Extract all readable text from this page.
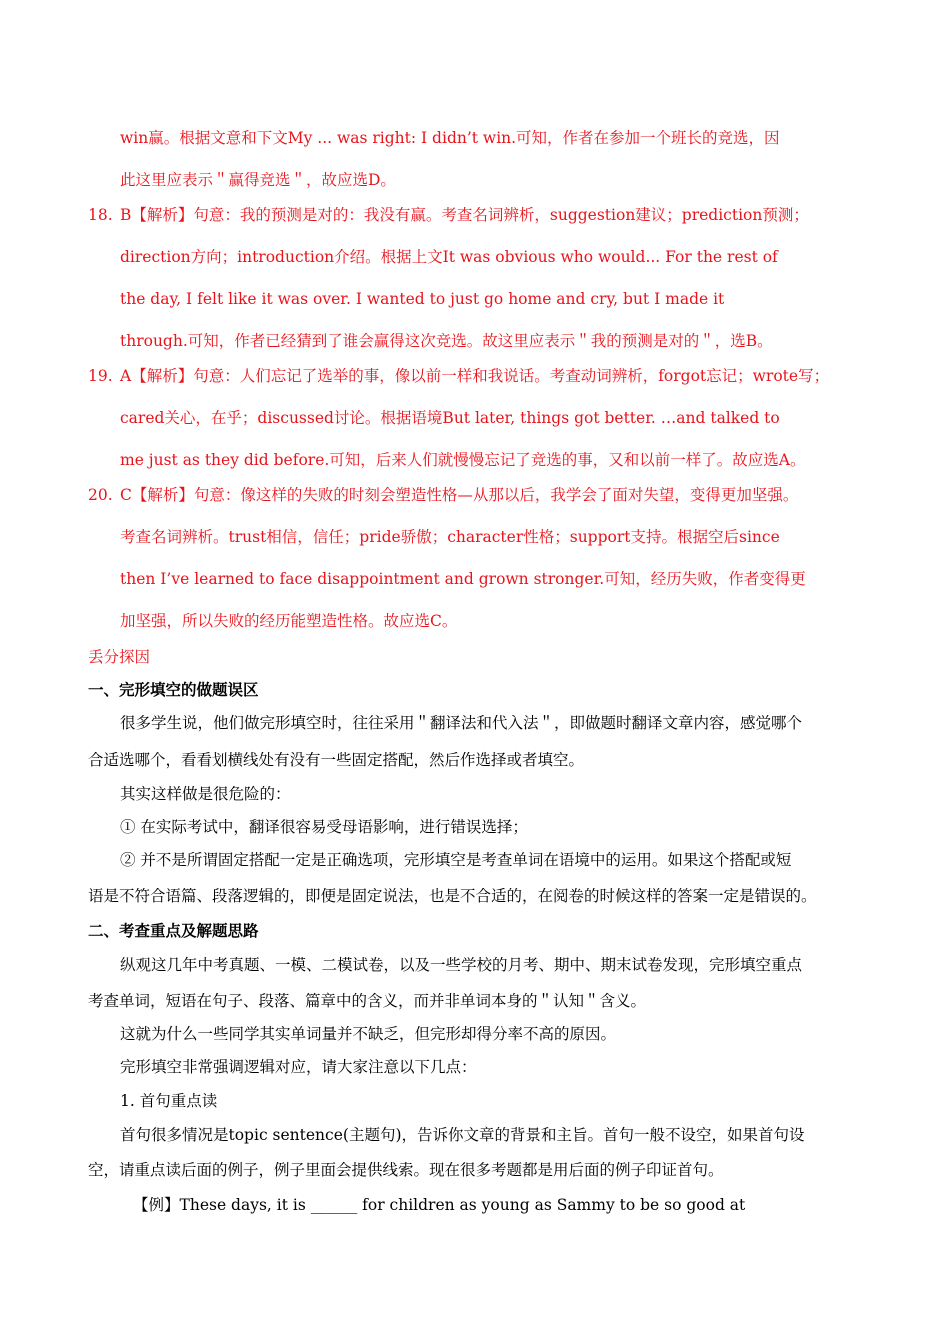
win赢。根据文意和下文My ... was right: I didn’t win.可知，作者在参加一个班长的竞选，因
此这里应表示＂赢得竞选＂，故应选D。
18. B【解析】句意：我的预测是对的：我没有赢。考查名词辨析，suggestion建议；prediction预测；
direction方向；introduction介绍。根据上文It was obvious who would... For the rest of
the day, I felt like it was over. I wanted to just go home and cry, but I made it
through.可知，作者已经猜到了谁会赢得这次竞选。故这里应表示＂我的预测是对的＂，选B。
19. A【解析】句意：人们忘记了选举的事，像以前一样和我说话。考查动词辨析，forgot忘记；wrote写；
cared关心，在乎；discussed讨论。根据语境But later, things got better. …and talked to
me just as they did before.可知，后来人们就慢慢忘记了竞选的事，又和以前一样了。故应选A。
20. C【解析】句意：像这样的失败的时刻会塑造性格—从那以后，我学会了面对失望，变得更加坚强。
考查名词辨析。trust相信，信任；pride骄傲；character性格；support支持。根据空后since
then I’ve learned to face disappointment and grown stronger.可知，经历失败，作者变得更
加坚强，所以失败的经历能塑造性格。故应选C。
丢分探因
一、完形填空的做题误区
很多学生说，他们做完形填空时，往往采用＂翻译法和代入法＂，即做题时翻译文章内容，感觉哪个
合适选哪个，看看划横线处有没有一些固定搭配，然后作选择或者填空。
其实这样做是很危险的：
① 在实际考试中，翻译很容易受母语影响，进行错误选择；
② 并不是所谓固定搭配一定是正确选项，完形填空是考查单词在语境中的运用。如果这个搭配或短
语是不符合语篇、段落逻辑的，即便是固定说法，也是不合适的，在阅卷的时候这样的答案一定是错误的。
二、考查重点及解题思路
纵观这几年中考真题、一模、二模试卷，以及一些学校的月考、期中、期末试卷发现，完形填空重点
考查单词，短语在句子、段落、篇章中的含义，而并非单词本身的＂认知＂含义。
这就为什么一些同学其实单词量并不缺乏，但完形却得分率不高的原因。
完形填空非常强调逻辑对应，请大家注意以下几点：
1. 首句重点读
首句很多情况是topic sentence(主题句)，告诉你文章的背景和主旨。首句一般不设空，如果首句设
空，请重点读后面的例子，例子里面会提供线索。现在很多考题都是用后面的例子印证首句。
【例】These days, it is ______ for children as young as Sammy to be so good at
